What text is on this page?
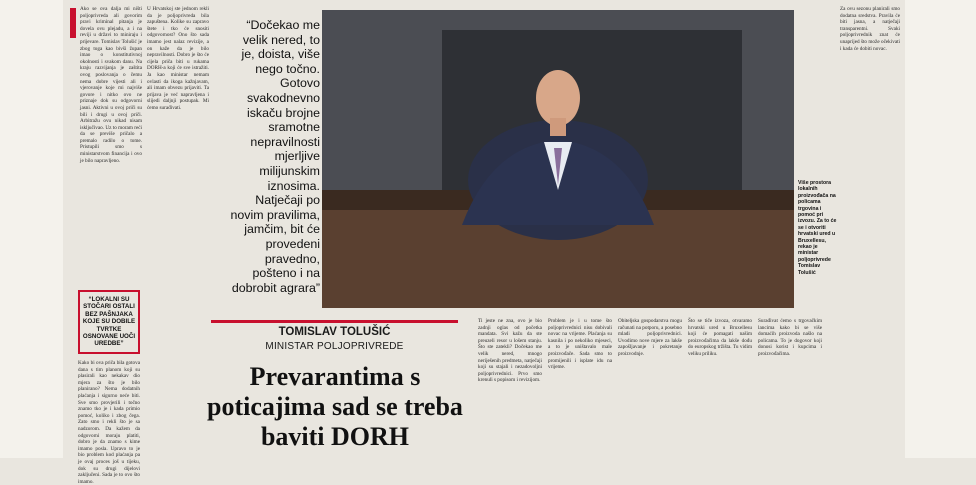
Ako se ova dalja mi ništi poljoprivreda ali govorim pravi kriminal pitanja je dovela ovu plejadu, a i na reviji u državi to miniraju i prijevare. Tomislav Tolušić je zbog toga kao bivši župan imao o konstitutivnoj okolnosti i svakom danu. Na kraju razvijanja je zaštita ovog poslovanja o čemu nema dobre vijesti ali i vjerovanje koje mi najviše govore i nitko ovo ne priznaje dok su odgovorni jasni. Aktivni u ovoj priči su bili i drugi u ovoj priči. Arbitražu ovu nikad nisam isključivao. Uz to moram reći da se previše pričalo a premalo radilo o tome. Pristupili smo s ministarstvom financija i ovo je bilo napravljeno.

Kako bi ova priča bila gotova dana s tim planom koji su plasirali kao nekakav dio mjera za što je bilo planirano? Nema dodatnih plaćanja i sigurno neće biti. Sve smo provjerili i točno znamo tko je i kada primio pomoć, koliko i zbog čega. Zato smo i rekli što je sa nadzorom. Da kažem da odgovorni moraju platiti, dobro je da znamo s kime imamo posla. Upravo to je bio problem kod plaćanja pa je ovaj proces još u tijeku, dok su drugi dijelovi zaključeni. Sada je to ovo što imamo.

U Hrvatskoj ste jednom rekli da je poljoprivreda bila zapuštena. Kolike su zapravo štete i tko će snositi odgovornost? Ono što sada imamo jest nalaz revizije, a on kaže da je bilo nepravilnosti. Dobro je što će cijela priča biti u rukama DORH-a koji će sve istražiti. Ja kao ministar nemam ovlasti da ikoga kažnjavam, ali imam obvezu prijaviti. Ta prijava je već napravljena i slijedi daljnji postupak. Mi ćemo surađivati.

“Dočekao me velik nered, to je, doista, više nego točno. Gotovo svakodnevno iskaču brojne sramotne nepravilnosti mjerljive milijunskim iznosima. Natječaji po novim pravilima, jamčim, bit će provedeni pravedno, pošteno i na dobrobit agrara”
Više prostora lokalnih proizvođača na policama trgovina i pomoć pri izvozu. Za to će se i otvoriti hrvatski ured u Bruxellesu, rekao je ministar poljoprivrede Tomislav Tolušić
“LOKALNI SU STOČARI OSTALI BEZ PAŠNJAKA KOJE SU DOBILE TVRTKE OSNOVANE UOČI UREDBE”
TOMISLAV TOLUŠIĆ
MINISTAR POLJOPRIVREDE
Prevarantima s poticajima sad se treba baviti DORH

Ti jeste ne zna, ovo je bio zadnji oglas od početka mandata. Svi kažu da ste preuzeli resor u lošem stanju. Što ste zatekli? Dočekao me velik nered, mnogo neriješenih predmeta, natječaji koji su stajali i nezadovoljni poljoprivrednici. Prvo smo krenuli s popisom i revizijom.

Problem je i u tome što poljoprivrednici nisu dobivali novac na vrijeme. Plaćanja su kasnila i po nekoliko mjeseci, a to je uništavalo male proizvođače. Sada smo to promijenili i isplate idu na vrijeme.

Obiteljska gospodarstva mogu računati na potporu, a posebno mladi poljoprivrednici. Uvodimo nove mjere za lakše zapošljavanje i pokretanje proizvodnje.

Što se tiče izvoza, otvaramo hrvatski ured u Bruxellesu koji će pomagati našim proizvođačima da lakše dođu do europskog tržišta. Tu vidim veliku priliku.

Surađivat ćemo s trgovačkim lancima kako bi se više domaćih proizvoda našlo na policama. To je dogovor koji donosi korist i kupcima i proizvođačima.

Za ovu sezonu planirali smo dodatna sredstva. Pravila će biti jasna, a natječaji transparentni. Svaki poljoprivrednik znat će unaprijed što može očekivati i kada će dobiti novac.
